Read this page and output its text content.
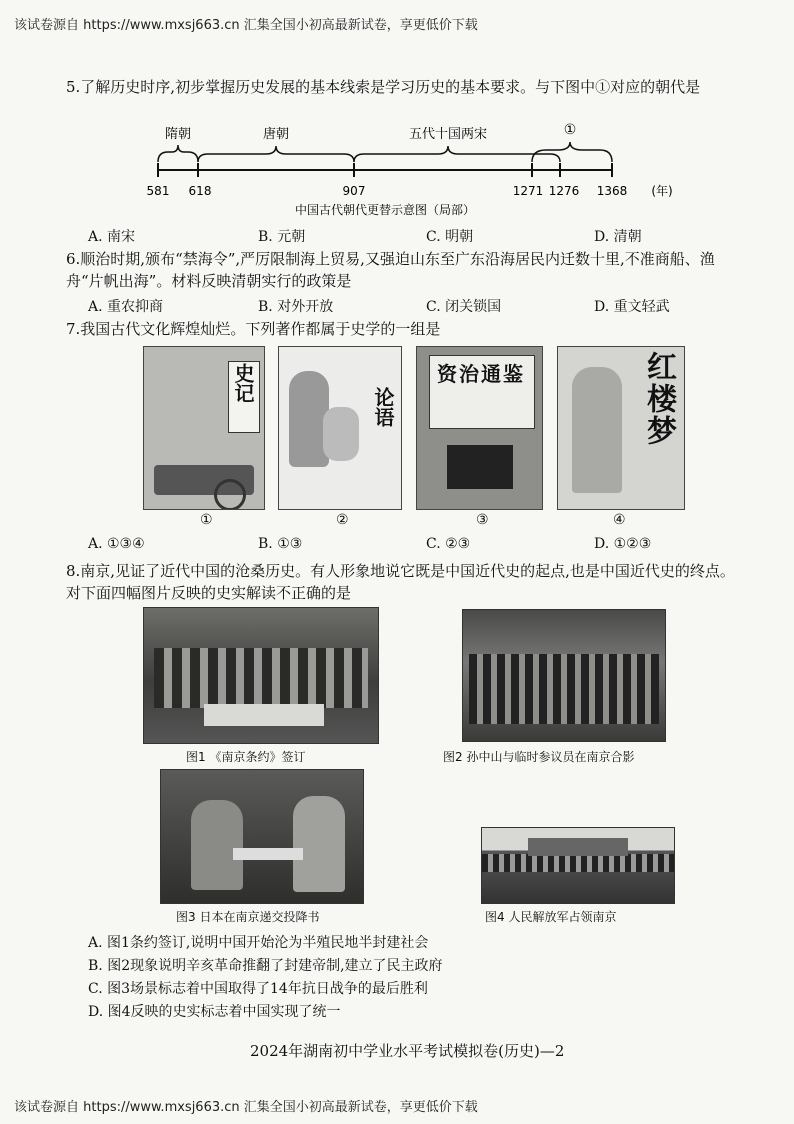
该试卷源自 https://www.mxsj663.cn 汇集全国小初高最新试卷，享更低价下载
5.了解历史时序,初步掌握历史发展的基本线索是学习历史的基本要求。与下图中①对应的朝代是
隋朝	唐朝	五代十国两宋	①
581 618	907	1271 1276 1368 (年)
中国古代朝代更替示意图（局部）
A. 南宋	B. 元朝	C. 明朝	D. 清朝
6.顺治时期,颁布“禁海令”,严厉限制海上贸易,又强迫山东至广东沿海居民内迁数十里,不准商船、渔舟“片帆出海”。材料反映清朝实行的政策是
A. 重农抑商	B. 对外开放	C. 闭关锁国	D. 重文轻武
7.我国古代文化辉煌灿烂。下列著作都属于史学的一组是
史记
①
论语
②
资治通鉴
③
红楼梦
④
A. ①③④	B. ①③	C. ②③	D. ①②③
8.南京,见证了近代中国的沧桑历史。有人形象地说它既是中国近代史的起点,也是中国近代史的终点。对下面四幅图片反映的史实解读不正确的是
图1 《南京条约》签订	图2 孙中山与临时参议员在南京合影
图3 日本在南京递交投降书	图4 人民解放军占领南京
A. 图1条约签订,说明中国开始沦为半殖民地半封建社会
B. 图2现象说明辛亥革命推翻了封建帝制,建立了民主政府
C. 图3场景标志着中国取得了14年抗日战争的最后胜利
D. 图4反映的史实标志着中国实现了统一
2024年湖南初中学业水平考试模拟卷(历史)—2
该试卷源自 https://www.mxsj663.cn 汇集全国小初高最新试卷，享更低价下载
